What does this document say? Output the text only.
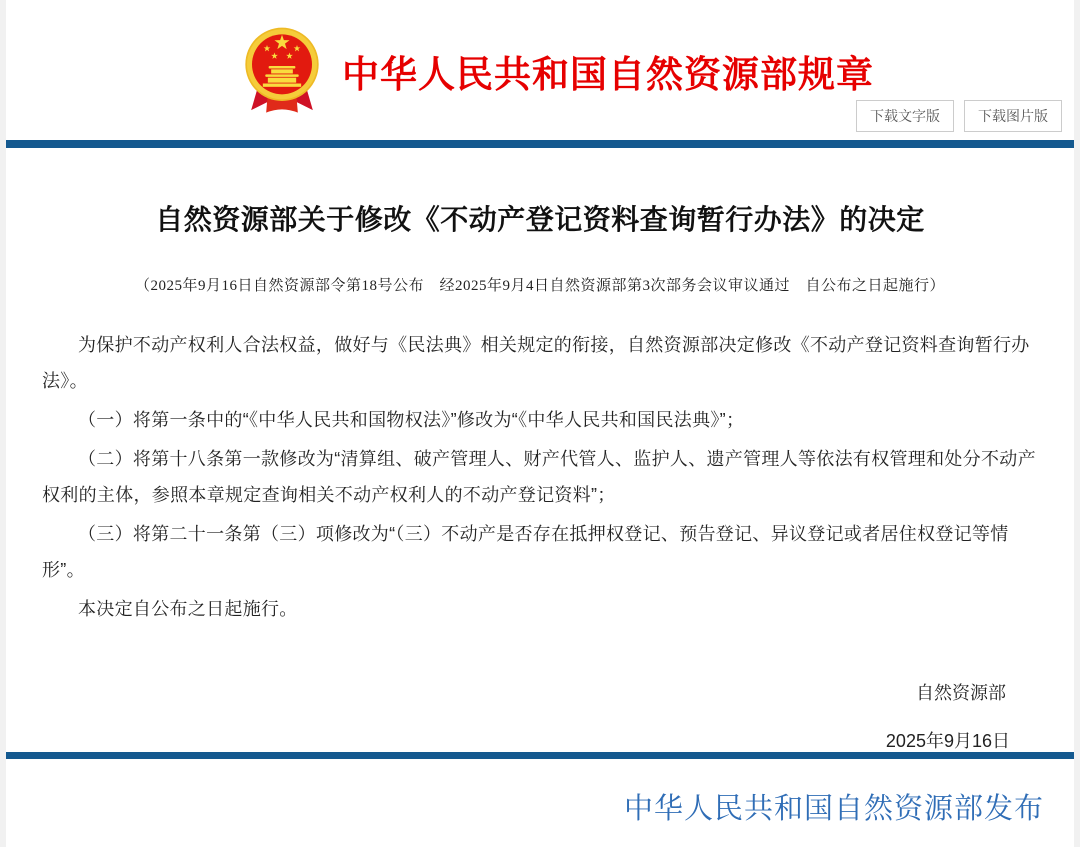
中华人民共和国自然资源部规章
下载文字版	下载图片版
自然资源部关于修改《不动产登记资料查询暂行办法》的决定

（2025年9月16日自然资源部令第18号公布　经2025年9月4日自然资源部第3次部务会议审议通过　自公布之日起施行）

为保护不动产权利人合法权益，做好与《民法典》相关规定的衔接，自然资源部决定修改《不动产登记资料查询暂行办法》。

（一）将第一条中的“《中华人民共和国物权法》”修改为“《中华人民共和国民法典》”；

（二）将第十八条第一款修改为“清算组、破产管理人、财产代管人、监护人、遗产管理人等依法有权管理和处分不动产权利的主体，参照本章规定查询相关不动产权利人的不动产登记资料”；

（三）将第二十一条第（三）项修改为“（三）不动产是否存在抵押权登记、预告登记、异议登记或者居住权登记等情形”。

本决定自公布之日起施行。

自然资源部
2025年9月16日
中华人民共和国自然资源部发布
